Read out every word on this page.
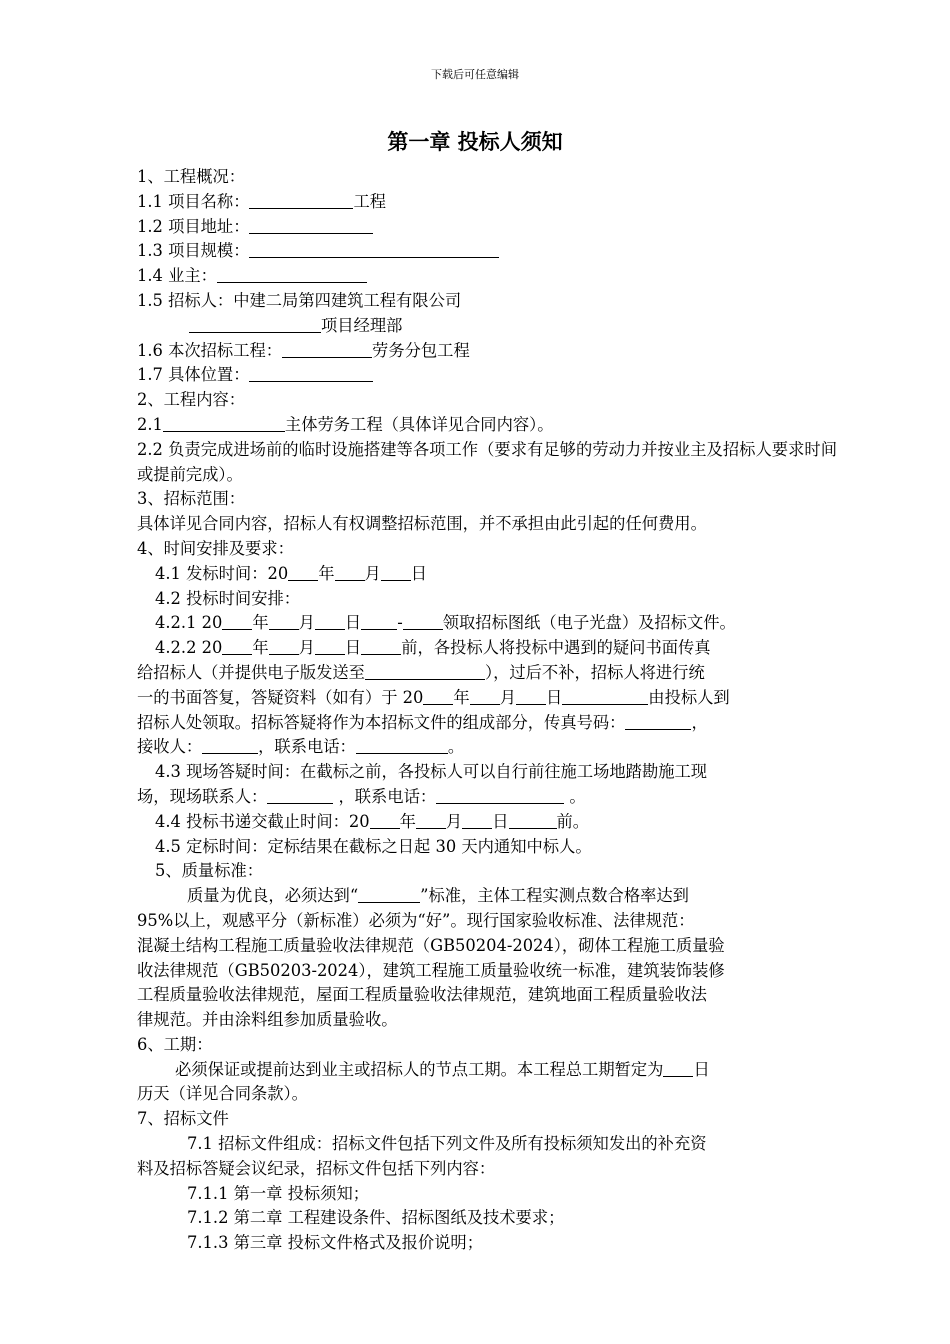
下载后可任意编辑
第一章 投标人须知
1、工程概况：
1.1 项目名称：	工程
1.2 项目地址：
1.3 项目规模：
1.4 业主：
1.5 招标人：中建二局第四建筑工程有限公司
项目经理部
1.6 本次招标工程：	劳务分包工程
1.7 具体位置：
2、工程内容：
2.1	主体劳务工程（具体详见合同内容）。
2.2 负责完成进场前的临时设施搭建等各项工作（要求有足够的劳动力并按业主及招标人要求时间或提前完成）。
3、招标范围：
具体详见合同内容，招标人有权调整招标范围，并不承担由此引起的任何费用。
4、时间安排及要求：
4.1 发标时间：20 年 月 日
4.2 投标时间安排：
4.2.1 20 年 月 日 - 领取招标图纸（电子光盘）及招标文件。
4.2.2 20 年 月 日 前，各投标人将投标中遇到的疑问书面传真
给招标人（并提供电子版发送至	），过后不补，招标人将进行统
一的书面答复，答疑资料（如有）于 20 年 月 日	由投标人到
招标人处领取。招标答疑将作为本招标文件的组成部分，传真号码：	，
接收人：	，联系电话：	。
4.3 现场答疑时间：在截标之前，各投标人可以自行前往施工场地踏勘施工现
场，现场联系人：	，联系电话：	。
4.4 投标书递交截止时间：20 年 月 日	前。
4.5 定标时间：定标结果在截标之日起 30 天内通知中标人。
5、质量标准：
质量为优良，必须达到“	”标准，主体工程实测点数合格率达到
95%以上，观感平分（新标准）必须为“好”。现行国家验收标准、法律规范：
混凝土结构工程施工质量验收法律规范（GB50204-2024），砌体工程施工质量验
收法律规范（GB50203-2024），建筑工程施工质量验收统一标准，建筑装饰装修
工程质量验收法律规范，屋面工程质量验收法律规范，建筑地面工程质量验收法
律规范。并由涂料组参加质量验收。
6、工期：
必须保证或提前达到业主或招标人的节点工期。本工程总工期暂定为 日
历天（详见合同条款）。
7、招标文件
7.1 招标文件组成：招标文件包括下列文件及所有投标须知发出的补充资
料及招标答疑会议纪录，招标文件包括下列内容：
7.1.1 第一章 投标须知；
7.1.2 第二章 工程建设条件、招标图纸及技术要求；
7.1.3 第三章 投标文件格式及报价说明；
